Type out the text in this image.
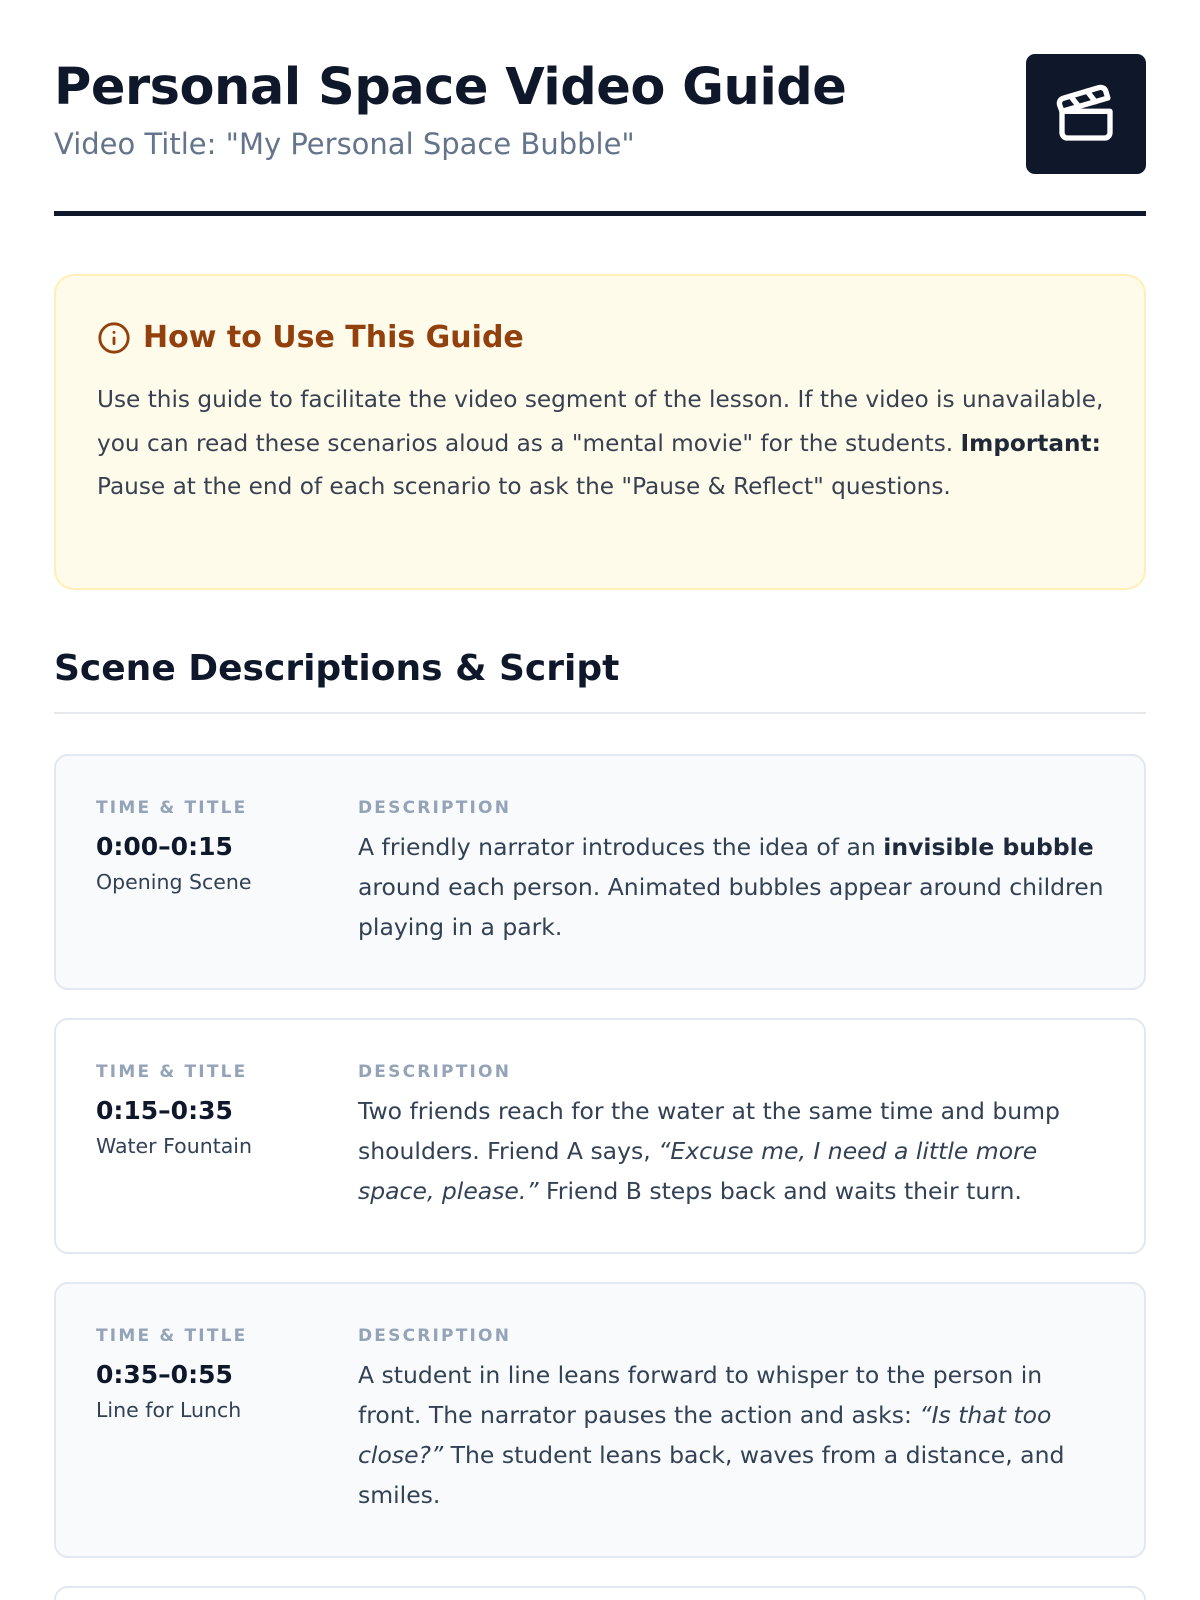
Personal Space Video Guide
Video Title: "My Personal Space Bubble"
How to Use This Guide

Use this guide to facilitate the video segment of the lesson. If the video is unavailable, you can read these scenarios aloud as a "mental movie" for the students. Important: Pause at the end of each scenario to ask the "Pause & Reflect" questions.

Scene Descriptions & Script
TIME & TITLE
0:00–0:15
Opening Scene
DESCRIPTION

A friendly narrator introduces the idea of an invisible bubble around each person. Animated bubbles appear around children playing in a park.

TIME & TITLE
0:15–0:35
Water Fountain
DESCRIPTION

Two friends reach for the water at the same time and bump shoulders. Friend A says, “Excuse me, I need a little more space, please.” Friend B steps back and waits their turn.

TIME & TITLE
0:35–0:55
Line for Lunch
DESCRIPTION

A student in line leans forward to whisper to the person in front. The narrator pauses the action and asks: “Is that too close?” The student leans back, waves from a distance, and smiles.
